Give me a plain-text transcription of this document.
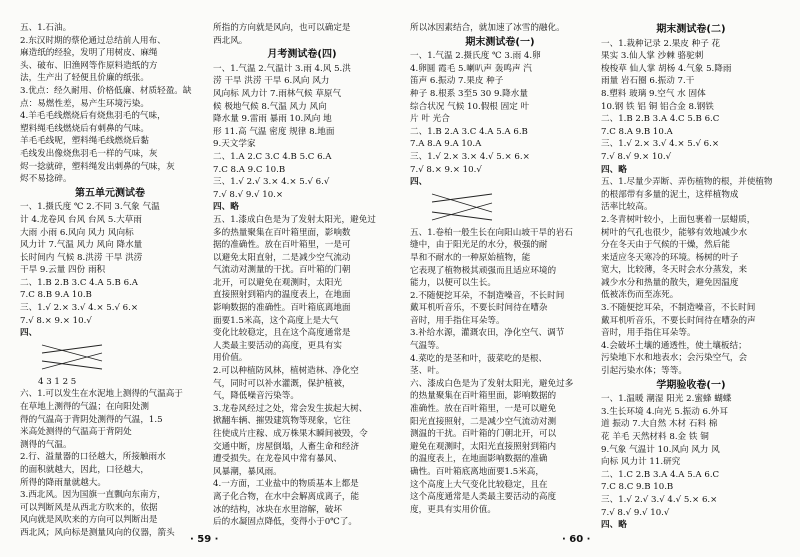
五、1.石油。

2.东汉时期的蔡伦通过总结前人用布、

麻造纸的经验，发明了用树皮、麻绳

头、破布、旧渔网等作原料造纸的方

法，生产出了轻便且价廉的纸张。

3.优点：经久耐用、价格低廉、材质轻盈。缺

点：易燃性差，易产生环境污染。

4.羊毛毛线燃烧后有烧焦羽毛的气味，

塑料绳毛线燃烧后有刺鼻的气味。

羊毛毛线呢，塑料绳毛线燃烧后黏

毛线发出像烧焦羽毛一样的气味，灰

烬一捻就碎，塑料绳发出刺鼻的气味，灰

烬不易捻碎。

第五单元测试卷

一、1.摄氏度 ℃ 2.不同 3.气象 气温

计 4.龙卷风 台风 台风 5.大草雨

大雨 小雨 6.风向 风力 风向标

风力计 7.气温 风力 风向 降水量

长时间内 气候 8.洪涝 干旱 洪涝

干旱 9.云量 四份 雨积

二、1.B 2.B 3.C 4.A 5.B 6.A

7.C 8.B 9.A 10.B

三、1.√ 2.× 3.√ 4.× 5.√ 6.×

7.√ 8.× 9.× 10.√

四、

4 3 1 2 5

六、1.可以发生在水泥地上测得的气温高于

在草地上测得的气温；在向阳处测

得的气温高于背阴处测得的气温，1.5

米高处测得的气温高于背阴处

测得的气温。

2.行、溢量器的口径越大，所接触雨水

的面积就越大，因此，口径越大，

所得的降雨量就越大。

3.西北风。因为国旗一直飘向东南方，

可以判断风是从西北方吹来的，依据

风向就是风吹来的方向可以判断出是

西北风；风向标是测量风向的仪器，箭头

所指的方向就是风向，也可以确定是

西北风。

月考测试卷(四)

一、1.气温 2.气温计 3.雨 4.风 5.洪

涝 干旱 洪涝 干旱 6.风向 风力

风向标 风力计 7.雨林气候 草原气

候 极地气候 8.气温 风力 风向

降水量 9.雷雨 暴雨 10.风向 地

形 11.高 气温 密度 规律 8.地面

9.天文学家

二、1.A 2.C 3.C 4.B 5.C 6.A

7.C 8.A 9.C 10.B

三、1.√ 2.√ 3.× 4.× 5.√ 6.√

7.√ 8.√ 9.√ 10.×

四、略

五、1.漆成白色是为了发射太阳光，避免过

多的热量聚集在百叶箱里面，影响数

据的准确性。放在百叶箱里，一是可

以避免太阳直射，二是减少空气流动

气流动对测量的干扰。百叶箱的门朝

北开，可以避免在观测时，太阳光

直接照射到箱内的温度表上，在地面

影响数据的准确性。百叶箱底离地面

面要1.5米高，这个高度上是大气

变化比较稳定，且在这个高度通常是

人类最主要活动的高度，更具有实

用价值。

2.可以种植防风林，植树造林、净化空

气，同时可以补水灌溉，保护植被，

气，降低噪音污染等。

3.龙卷风经过之处，常会发生拔起大树、

掀翻车辆、摧毁建筑物等现象，它往

往使成片庄稼、成万株果木瞬间被毁，令

交通中断，房屋倒塌，人畜生命和经济

遭受损失。在龙卷风中常有暴风、

风暴潮，暴风雨。

4.一方面，工业盐中的物质基本上都是

离子化合物，在水中会解离成离子，能

冰的结构，冰块在水里溶解，破坏

后的水凝固点降低，变得小于0℃了。

所以冰因素结合，就加速了冰雪的融化。

期末测试卷(一)

一、1.气温 2.摄氏度 ℃ 3.雨 4.卵

4.卵圆 霞毛 5.喇叭声 轰鸣声 汽

笛声 6.振动 7.果皮 种子

种子 8.根系 3至5 30 9.降水量

综合状况 气候 10.假根 固定 叶

片 叶 光合

二、1.B 2.A 3.C 4.A 5.A 6.B

7.A 8.A 9.A 10.A

三、1.√ 2.× 3.× 4.√ 5.× 6.×

7.√ 8.× 9.× 10.√

四、

五、1.卷柏一般生长在向阳山坡干旱的岩石

缝中，由于阳光足的水分，极强的耐

旱和不耐水的一种原始植物，能

它表现了植物极其顽强而且适应环境的

能力，以便可以生长。

2.不随便挖耳朵，不制造噪音，不长时间

戴耳机听音乐，不要长时间待在嘈杂

音时，用手指住耳朵等。

3.补给水源，灌溉农田，净化空气、调节

气温等。

4.菜吃的是茎和叶，菠菜吃的是根、

茎、叶。

六、漆成白色是为了发射太阳光，避免过多

的热量聚集在百叶箱里面，影响数据的

准确性。放在百叶箱里，一是可以避免

阳光直接照射，二是减少空气流动对测

测温的干扰。百叶箱的门朝北开，可以

避免在观测时，太阳光直接照射到箱内

的温度表上，在地面影响数据的准确

确性。百叶箱底离地面要1.5米高，

这个高度上大气变化比较稳定，且在

这个高度通常是人类最主要活动的高度

度，更具有实用价值。

期末测试卷(二)

一、1.栽种记录 2.果皮 种子 花

果实 3.仙人掌 沙棘 骆驼刺

梭梭草 仙人掌 胡杨 4.气象 5.降雨

雨量 岩石圈 6.振动 7.干

8.塑料 玻璃 9.空气 水 固体

10.钢 铁 铝 铜 铝合金 8.钢铁

二、1.B 2.B 3.A 4.C 5.B 6.C

7.C 8.A 9.B 10.A

三、1.√ 2.× 3.√ 4.× 5.√ 6.×

7.√ 8.√ 9.× 10.√

四、略

五、1.尽量少弄断、弄伤植物的根，并使植物

的根部带有多量的泥土，这样植物成

活率比较高。

2.冬青树叶较小，上面包裹着一层蜡质，

树叶的气孔也很少，能够有效地减少水

分在冬天由于气候的干燥，然后能

来适应冬天寒冷的环境。杨树的叶子

宽大，比较薄，冬天时会水分蒸发，来

减少水分和热量的散失，避免因温度

低被冻伤而至冻死。

3.不随便挖耳朵，不制造噪音，不长时间

戴耳机听音乐，不要长时间待在嘈杂的声

音时，用手指住耳朵等。

4.会破坏土壤的通透性，使土壤板结；

污染地下水和地表水；会污染空气，会

引起污染水体；等等。

学期验收卷(一)

一、1.温暖 潮湿 阳光 2.蜜蜂 蝴蝶

3.生长环境 4.向光 5.振动 6.外耳

道 振动 7.大自然 木材 石料 棉

花 羊毛 天然材料 8.金 铁 铜

9.气象 气温计 10.风向 风力 风

向标 风力计 11.研究

二、1.C 2.B 3.A 4.A 5.A 6.C

7.C 8.C 9.B 10.B

三、1.√ 2.√ 3.√ 4.√ 5.× 6.×

7.√ 8.√ 9.√ 10.√

四、略

· 59 ·	· 60 ·
